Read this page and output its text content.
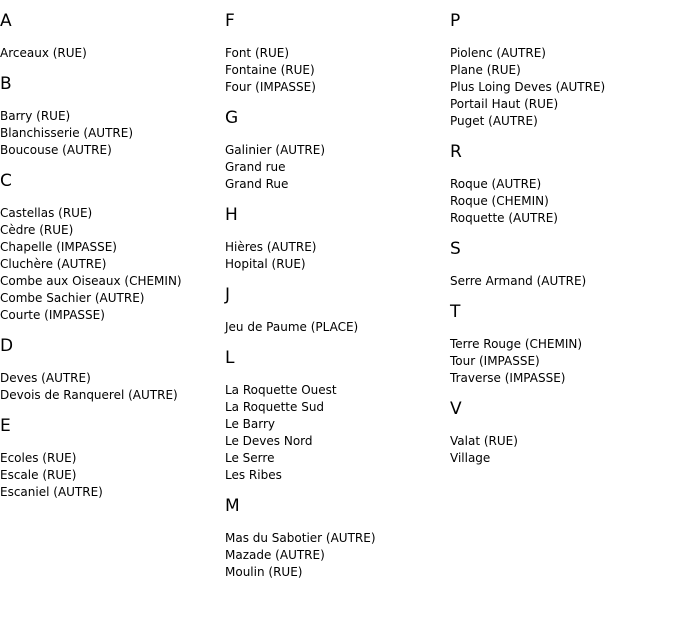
A
Arceaux (RUE)
B
Barry (RUE)
Blanchisserie (AUTRE)
Boucouse (AUTRE)
C
Castellas (RUE)
Cèdre (RUE)
Chapelle (IMPASSE)
Cluchère (AUTRE)
Combe aux Oiseaux (CHEMIN)
Combe Sachier (AUTRE)
Courte (IMPASSE)
D
Deves (AUTRE)
Devois de Ranquerel (AUTRE)
E
Ecoles (RUE)
Escale (RUE)
Escaniel (AUTRE)
F
Font (RUE)
Fontaine (RUE)
Four (IMPASSE)
G
Galinier (AUTRE)
Grand rue
Grand Rue
H
Hières (AUTRE)
Hopital (RUE)
J
Jeu de Paume (PLACE)
L
La Roquette Ouest
La Roquette Sud
Le Barry
Le Deves Nord
Le Serre
Les Ribes
M
Mas du Sabotier (AUTRE)
Mazade (AUTRE)
Moulin (RUE)
P
Piolenc (AUTRE)
Plane (RUE)
Plus Loing Deves (AUTRE)
Portail Haut (RUE)
Puget (AUTRE)
R
Roque (AUTRE)
Roque (CHEMIN)
Roquette (AUTRE)
S
Serre Armand (AUTRE)
T
Terre Rouge (CHEMIN)
Tour (IMPASSE)
Traverse (IMPASSE)
V
Valat (RUE)
Village
